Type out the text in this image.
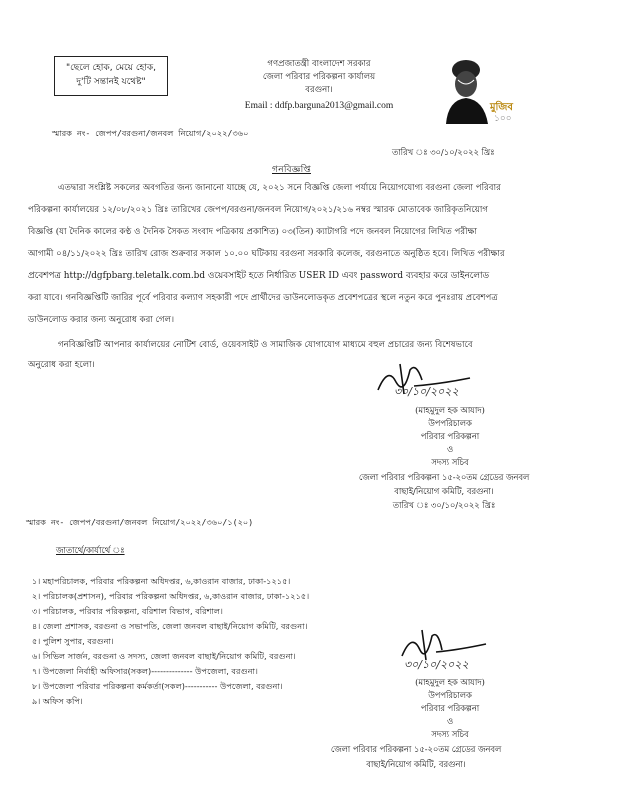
"ছেলে হোক, মেয়ে হোক,
দু'টি সন্তানই যথেষ্ট"
গণপ্রজাতন্ত্রী বাংলাদেশ সরকার
জেলা পরিবার পরিকল্পনা কার্যালয়
বরগুনা।
Email : ddfp.barguna2013@gmail.com	মুজিব
১০০
স্মারক নং- জেপপ/বরগুনা/জনবল নিয়োগ/২০২২/৩৬০
তারিখ ঃ ৩০/১০/২০২২ খ্রিঃ
গনবিজ্ঞপ্তি
এতদ্বারা সংশ্লিষ্ট সকলের অবগতির জন্য জানানো যাচ্ছে যে, ২০২১ সনে বিজ্ঞপ্তি জেলা পর্যায়ে নিয়োগযোগ্য বরগুনা জেলা পরিবার
পরিকল্পনা কার্যালয়ের ১২/০৮/২০২১ খ্রিঃ তারিখের জেপপ/বরগুনা/জনবল নিয়োগ/২০২১/২১৬ নম্বর স্মারক মোতাবেক জারিকৃতনিয়োগ
বিজ্ঞপ্তি (যা দৈনিক কালের কণ্ঠ ও দৈনিক সৈকত সংবাদ পত্রিকায় প্রকাশিত) ০৩(তিন) ক্যাটাগরি পদে জনবল নিয়োগের লিখিত পরীক্ষা
আগামী ০৪/১১/২০২২ খ্রিঃ তারিখ রোজ শুক্রবার সকাল ১০.০০ ঘটিকায় বরগুনা সরকারি কলেজ, বরগুনাতে অনুষ্ঠিত হবে। লিখিত পরীক্ষার
প্রবেশপত্র http://dgfpbarg.teletalk.com.bd ওয়েবসাইট হতে নির্ধারিত USER ID এবং password ব্যবহার করে ডাইনলোড
করা যাবে। গনবিজ্ঞপ্তিটি জারির পূর্বে পরিবার কল্যাণ সহকারী পদে প্রার্থীদের ডাউনলোডকৃত প্রবেশপত্রের স্থলে নতুন করে পুনঃরায় প্রবেশপত্র
ডাউনলোড করার জন্য অনুরোধ করা গেল।
গনবিজ্ঞপ্তিটি আপনার কার্যালয়ের নোটিশ বোর্ড, ওয়েবসাইট ও সামাজিক যোগাযোগ মাধ্যমে বহুল প্রচারের জন্য বিশেষভাবে
অনুরোধ করা হলো।
৩০/১০/২০২২
(মাহমুদুল হক আযাদ)
উপপরিচালক
পরিবার পরিকল্পনা
ও
সদস্য সচিব
জেলা পরিবার পরিকল্পনা ১৫-২০তম গ্রেডের জনবল
বাছাই/নিয়োগ কমিটি, বরগুনা।
তারিখ ঃ ৩০/১০/২০২২ খ্রিঃ
স্মারক নং- জেপপ/বরগুনা/জনবল নিয়োগ/২০২২/৩৬০/১(২০)
জাতার্থে/কার্যার্থে ঃ
১। মহাপরিচালক, পরিবার পরিকল্পনা অধিদপ্তর, ৬,কাওরান বাজার, ঢাকা-১২১৫।
২। পরিচালক(প্রশাসন), পরিবার পরিকল্পনা অধিদপ্তর, ৬,কাওরান বাজার, ঢাকা-১২১৫।
৩। পরিচালক, পরিবার পরিকল্পনা, বরিশাল বিভাগ, বরিশাল।
৪। জেলা প্রশাসক, বরগুনা ও সভাপতি, জেলা জনবল বাছাই/নিয়োগ কমিটি, বরগুনা।
৫। পুলিশ সুপার, বরগুনা।
৬। সিভিল সার্জন, বরগুনা ও সদস্য, জেলা জনবল বাছাই/নিয়োগ কমিটি, বরগুনা।
৭। উপজেলা নির্বাহী অফিসার(সকল)-------------- উপজেলা, বরগুনা।
৮। উপজেলা পরিবার পরিকল্পনা কর্মকর্তা(সকল)----------- উপজেলা, বরগুনা।
৯। অফিস কপি।
৩০/১০/২০২২
(মাহমুদুল হক আযাদ)
উপপরিচালক
পরিবার পরিকল্পনা
ও
সদস্য সচিব
জেলা পরিবার পরিকল্পনা ১৫-২০তম গ্রেডের জনবল
বাছাই/নিয়োগ কমিটি, বরগুনা।
